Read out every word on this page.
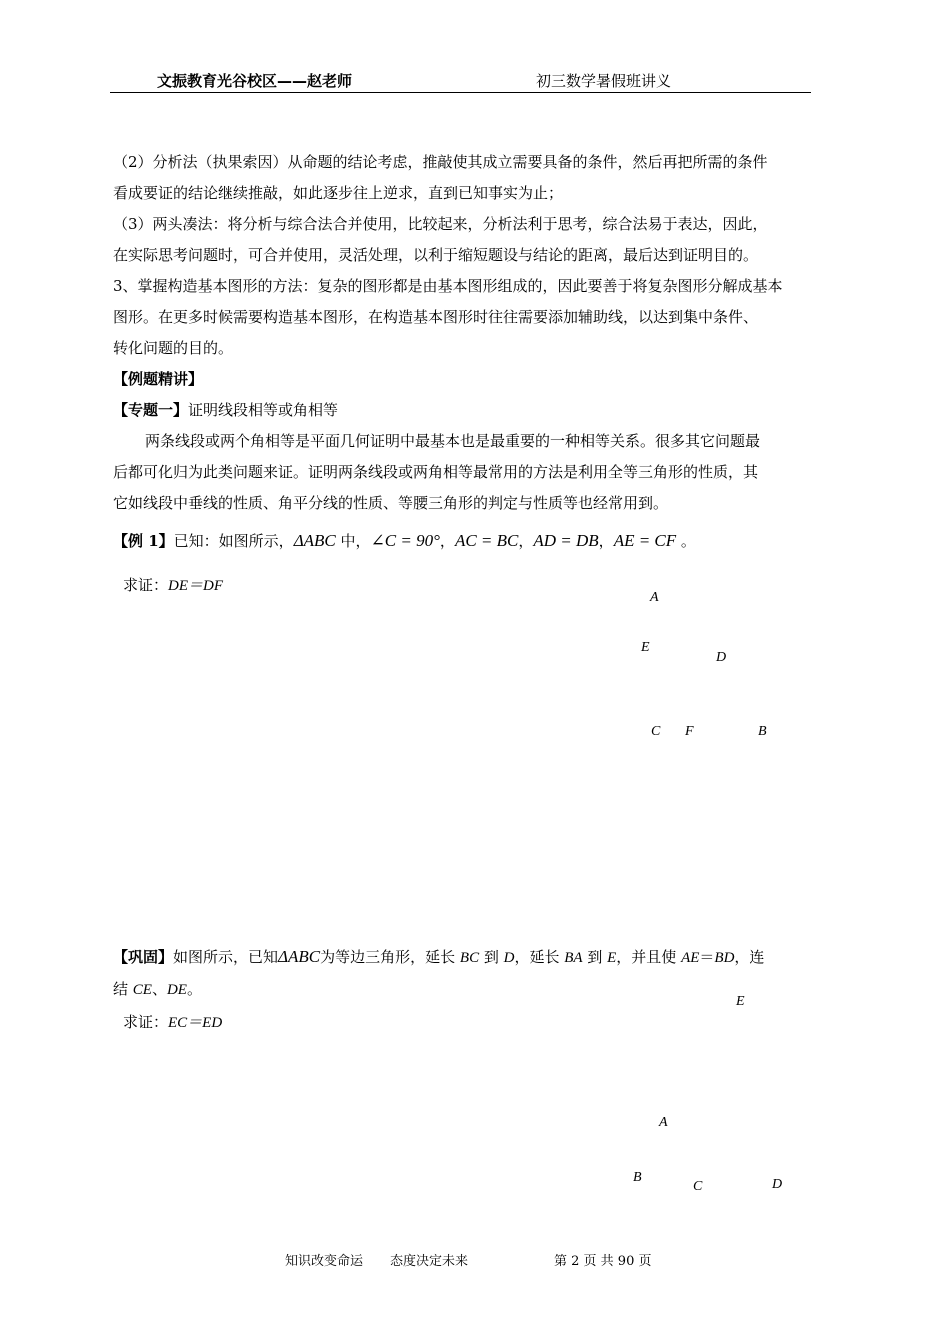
文振教育光谷校区——赵老师	初三数学暑假班讲义
（2）分析法（执果索因）从命题的结论考虑，推敲使其成立需要具备的条件，然后再把所需的条件
看成要证的结论继续推敲，如此逐步往上逆求，直到已知事实为止；
（3）两头凑法：将分析与综合法合并使用，比较起来，分析法利于思考，综合法易于表达，因此，
在实际思考问题时，可合并使用，灵活处理，以利于缩短题设与结论的距离，最后达到证明目的。
3、掌握构造基本图形的方法：复杂的图形都是由基本图形组成的，因此要善于将复杂图形分解成基本
图形。在更多时候需要构造基本图形，在构造基本图形时往往需要添加辅助线，以达到集中条件、
转化问题的目的。
【例题精讲】
【专题一】证明线段相等或角相等
两条线段或两个角相等是平面几何证明中最基本也是最重要的一种相等关系。很多其它问题最
后都可化归为此类问题来证。证明两条线段或两角相等最常用的方法是利用全等三角形的性质，其
它如线段中垂线的性质、角平分线的性质、等腰三角形的判定与性质等也经常用到。
【例 1】已知：如图所示，ΔABC 中，∠C = 90°，AC = BC，AD = DB，AE = CF 。
求证：DE＝DF
A
E
D
C F	B
【巩固】如图所示，已知ΔABC为等边三角形，延长 BC 到 D，延长 BA 到 E，并且使 AE＝BD，连
结 CE、DE。
求证：EC＝ED
E
A
B
C	D
知识改变命运 态度决定未来	第 2 页 共 90 页
